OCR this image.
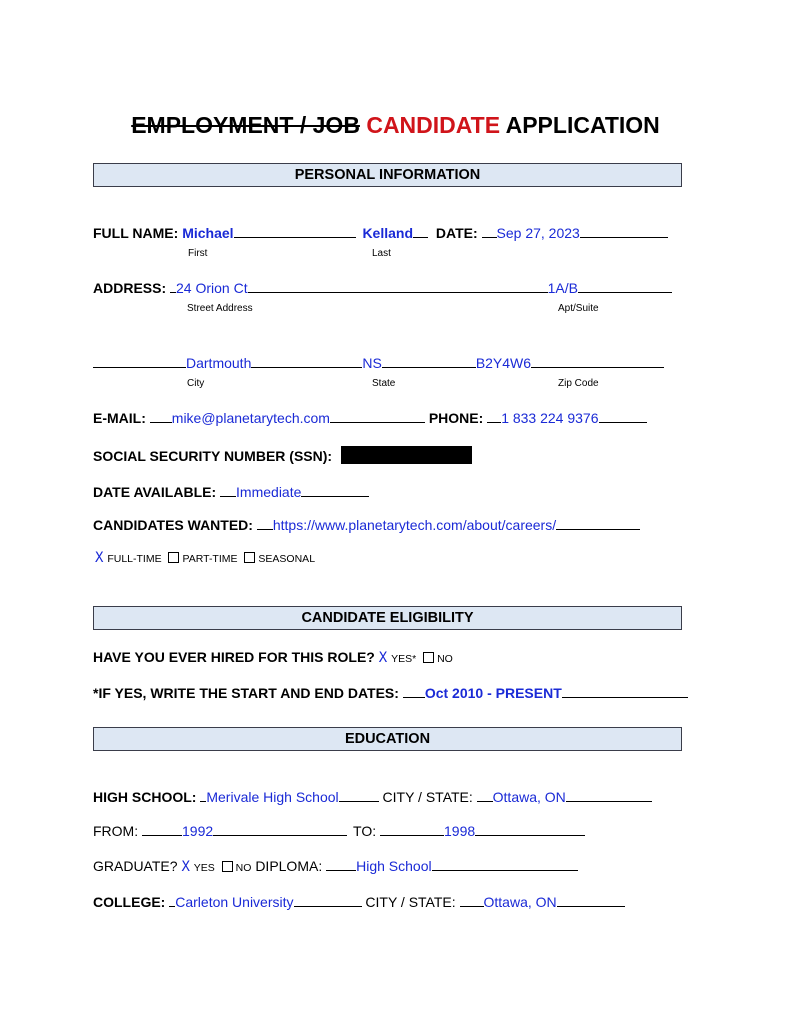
EMPLOYMENT / JOB CANDIDATE APPLICATION
PERSONAL INFORMATION
FULL NAME: Michael	Kelland DATE: Sep 27, 2023
First	Last
ADDRESS: 24 Orion Ct	1A/B
Street Address	Apt/Suite
Dartmouth	NS	B2Y4W6
City	State	Zip Code
E-MAIL: mike@planetarytech.com	PHONE: 1 833 224 9376
SOCIAL SECURITY NUMBER (SSN):
DATE AVAILABLE: Immediate
CANDIDATES WANTED: https://www.planetarytech.com/about/careers/
X FULL-TIME PART-TIME SEASONAL
CANDIDATE ELIGIBILITY
HAVE YOU EVER HIRED FOR THIS ROLE? X YES* NO
*IF YES, WRITE THE START AND END DATES: Oct 2010 - PRESENT
EDUCATION
HIGH SCHOOL: Merivale High School	CITY / STATE: Ottawa, ON
FROM:	1992	TO:	1998
GRADUATE? X YES NO DIPLOMA: High School
COLLEGE: Carleton University	CITY / STATE: Ottawa, ON
